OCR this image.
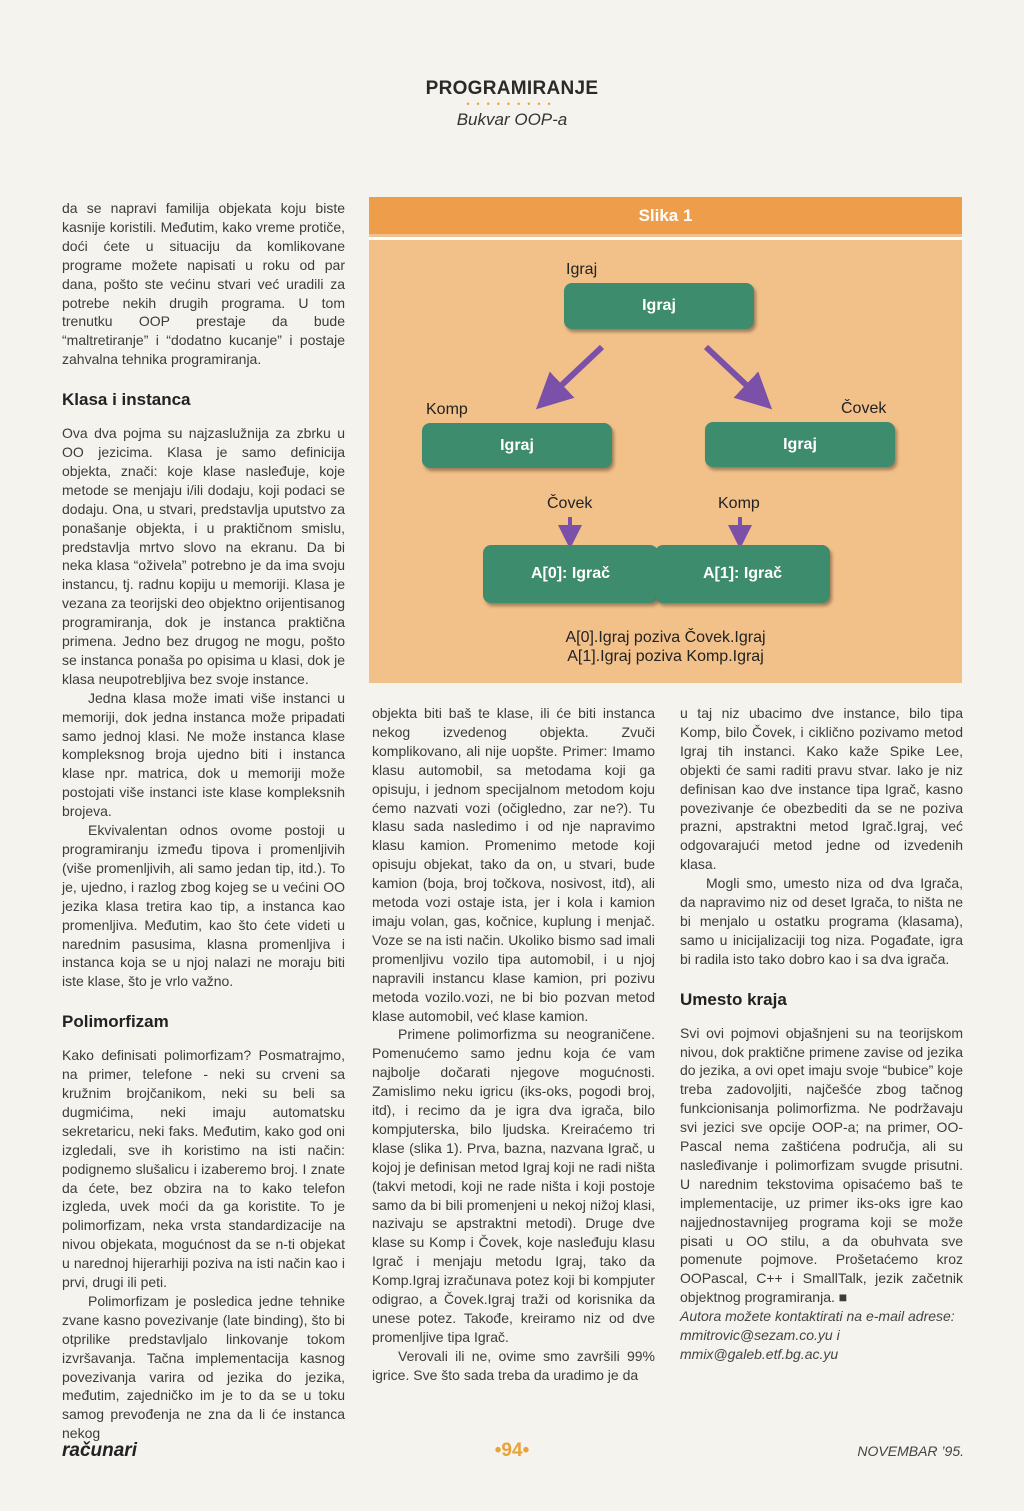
PROGRAMIRANJE
•••••••••
Bukvar OOP-a

da se napravi familija objekata koju biste kasnije koristili. Međutim, kako vreme protiče, doći ćete u situaciju da komlikovane programe možete napisati u roku od par dana, pošto ste većinu stvari već uradili za potrebe nekih drugih programa. U tom trenutku OOP prestaje da bude “maltretiranje” i “dodatno kucanje” i postaje zahvalna tehnika programiranja.

Klasa i instanca

Ova dva pojma su najzaslužnija za zbrku u OO jezicima. Klasa je samo definicija objekta, znači: koje klase nasleđuje, koje metode se menjaju i/ili dodaju, koji podaci se dodaju. Ona, u stvari, predstavlja uputstvo za ponašanje objekta, i u praktičnom smislu, predstavlja mrtvo slovo na ekranu. Da bi neka klasa “oživela” potrebno je da ima svoju instancu, tj. radnu kopiju u memoriji. Klasa je vezana za teorijski deo objektno orijentisanog programiranja, dok je instanca praktična primena. Jedno bez drugog ne mogu, pošto se instanca ponaša po opisima u klasi, dok je klasa neupotrebljiva bez svoje instance.

Jedna klasa može imati više instanci u memoriji, dok jedna instanca može pripadati samo jednoj klasi. Ne može instanca klase kompleksnog broja ujedno biti i instanca klase npr. matrica, dok u memoriji može postojati više instanci iste klase kompleksnih brojeva.

Ekvivalentan odnos ovome postoji u programiranju između tipova i promenljivih (više promenljivih, ali samo jedan tip, itd.). To je, ujedno, i razlog zbog kojeg se u većini OO jezika klasa tretira kao tip, a instanca kao promenljiva. Međutim, kao što ćete videti u narednim pasusima, klasna promenljiva i instanca koja se u njoj nalazi ne moraju biti iste klase, što je vrlo važno.

Polimorfizam

Kako definisati polimorfizam? Posmatrajmo, na primer, telefone - neki su crveni sa kružnim brojčanikom, neki su beli sa dugmićima, neki imaju automatsku sekretaricu, neki faks. Međutim, kako god oni izgledali, sve ih koristimo na isti način: podignemo slušalicu i izaberemo broj. I znate da ćete, bez obzira na to kako telefon izgleda, uvek moći da ga koristite. To je polimorfizam, neka vrsta standardizacije na nivou objekata, mogućnost da se n-ti objekat u narednoj hijerarhiji poziva na isti način kao i prvi, drugi ili peti.

Polimorfizam je posledica jedne tehnike zvane kasno povezivanje (late binding), što bi otprilike predstavljalo linkovanje tokom izvršavanja. Tačna implementacija kasnog povezivanja varira od jezika do jezika, međutim, zajedničko im je to da se u toku samog prevođenja ne zna da li će instanca nekog

Slika 1
Igraj
Igraj
Komp	Čovek
Igraj	Igraj
Čovek	Komp
A[0]: Igrač	A[1]: Igrač
A[0].Igraj poziva Čovek.Igraj
A[1].Igraj poziva Komp.Igraj

objekta biti baš te klase, ili će biti instanca nekog izvedenog objekta. Zvuči komplikovano, ali nije uopšte. Primer: Imamo klasu automobil, sa metodama koji ga opisuju, i jednom specijalnom metodom koju ćemo nazvati vozi (očigledno, zar ne?). Tu klasu sada nasledimo i od nje napravimo klasu kamion. Promenimo metode koji opisuju objekat, tako da on, u stvari, bude kamion (boja, broj točkova, nosivost, itd), ali metoda vozi ostaje ista, jer i kola i kamion imaju volan, gas, kočnice, kuplung i menjač. Voze se na isti način. Ukoliko bismo sad imali promenljivu vozilo tipa automobil, i u njoj napravili instancu klase kamion, pri pozivu metoda vozilo.vozi, ne bi bio pozvan metod klase automobil, već klase kamion.

Primene polimorfizma su neograničene. Pomenućemo samo jednu koja će vam najbolje dočarati njegove mogućnosti. Zamislimo neku igricu (iks-oks, pogodi broj, itd), i recimo da je igra dva igrača, bilo kompjuterska, bilo ljudska. Kreiraćemo tri klase (slika 1). Prva, bazna, nazvana Igrač, u kojoj je definisan metod Igraj koji ne radi ništa (takvi metodi, koji ne rade ništa i koji postoje samo da bi bili promenjeni u nekoj nižoj klasi, nazivaju se apstraktni metodi). Druge dve klase su Komp i Čovek, koje nasleđuju klasu Igrač i menjaju metodu Igraj, tako da Komp.Igraj izračunava potez koji bi kompjuter odigrao, a Čovek.Igraj traži od korisnika da unese potez. Takođe, kreiramo niz od dve promenljive tipa Igrač.

Verovali ili ne, ovime smo završili 99% igrice. Sve što sada treba da uradimo je da

u taj niz ubacimo dve instance, bilo tipa Komp, bilo Čovek, i ciklično pozivamo metod Igraj tih instanci. Kako kaže Spike Lee, objekti će sami raditi pravu stvar. Iako je niz definisan kao dve instance tipa Igrač, kasno povezivanje će obezbediti da se ne poziva prazni, apstraktni metod Igrač.Igraj, već odgovarajući metod jedne od izvedenih klasa.

Mogli smo, umesto niza od dva Igrača, da napravimo niz od deset Igrača, to ništa ne bi menjalo u ostatku programa (klasama), samo u inicijalizaciji tog niza. Pogađate, igra bi radila isto tako dobro kao i sa dva igrača.

Umesto kraja

Svi ovi pojmovi objašnjeni su na teorijskom nivou, dok praktične primene zavise od jezika do jezika, a ovi opet imaju svoje “bubice” koje treba zadovoljiti, najčešće zbog tačnog funkcionisanja polimorfizma. Ne podržavaju svi jezici sve opcije OOP-a; na primer, OO-Pascal nema zaštićena područja, ali su nasleđivanje i polimorfizam svugde prisutni. U narednim tekstovima opisaćemo baš te implementacije, uz primer iks-oks igre kao najjednostavnijeg programa koji se može pisati u OO stilu, a da obuhvata sve pomenute pojmove. Prošetaćemo kroz OOPascal, C++ i SmallTalk, jezik začetnik objektnog programiranja. ■

Autora možete kontaktirati na e-mail adrese: mmitrovic@sezam.co.yu i mmix@galeb.etf.bg.ac.yu

računari	•94•	NOVEMBAR ’95.
